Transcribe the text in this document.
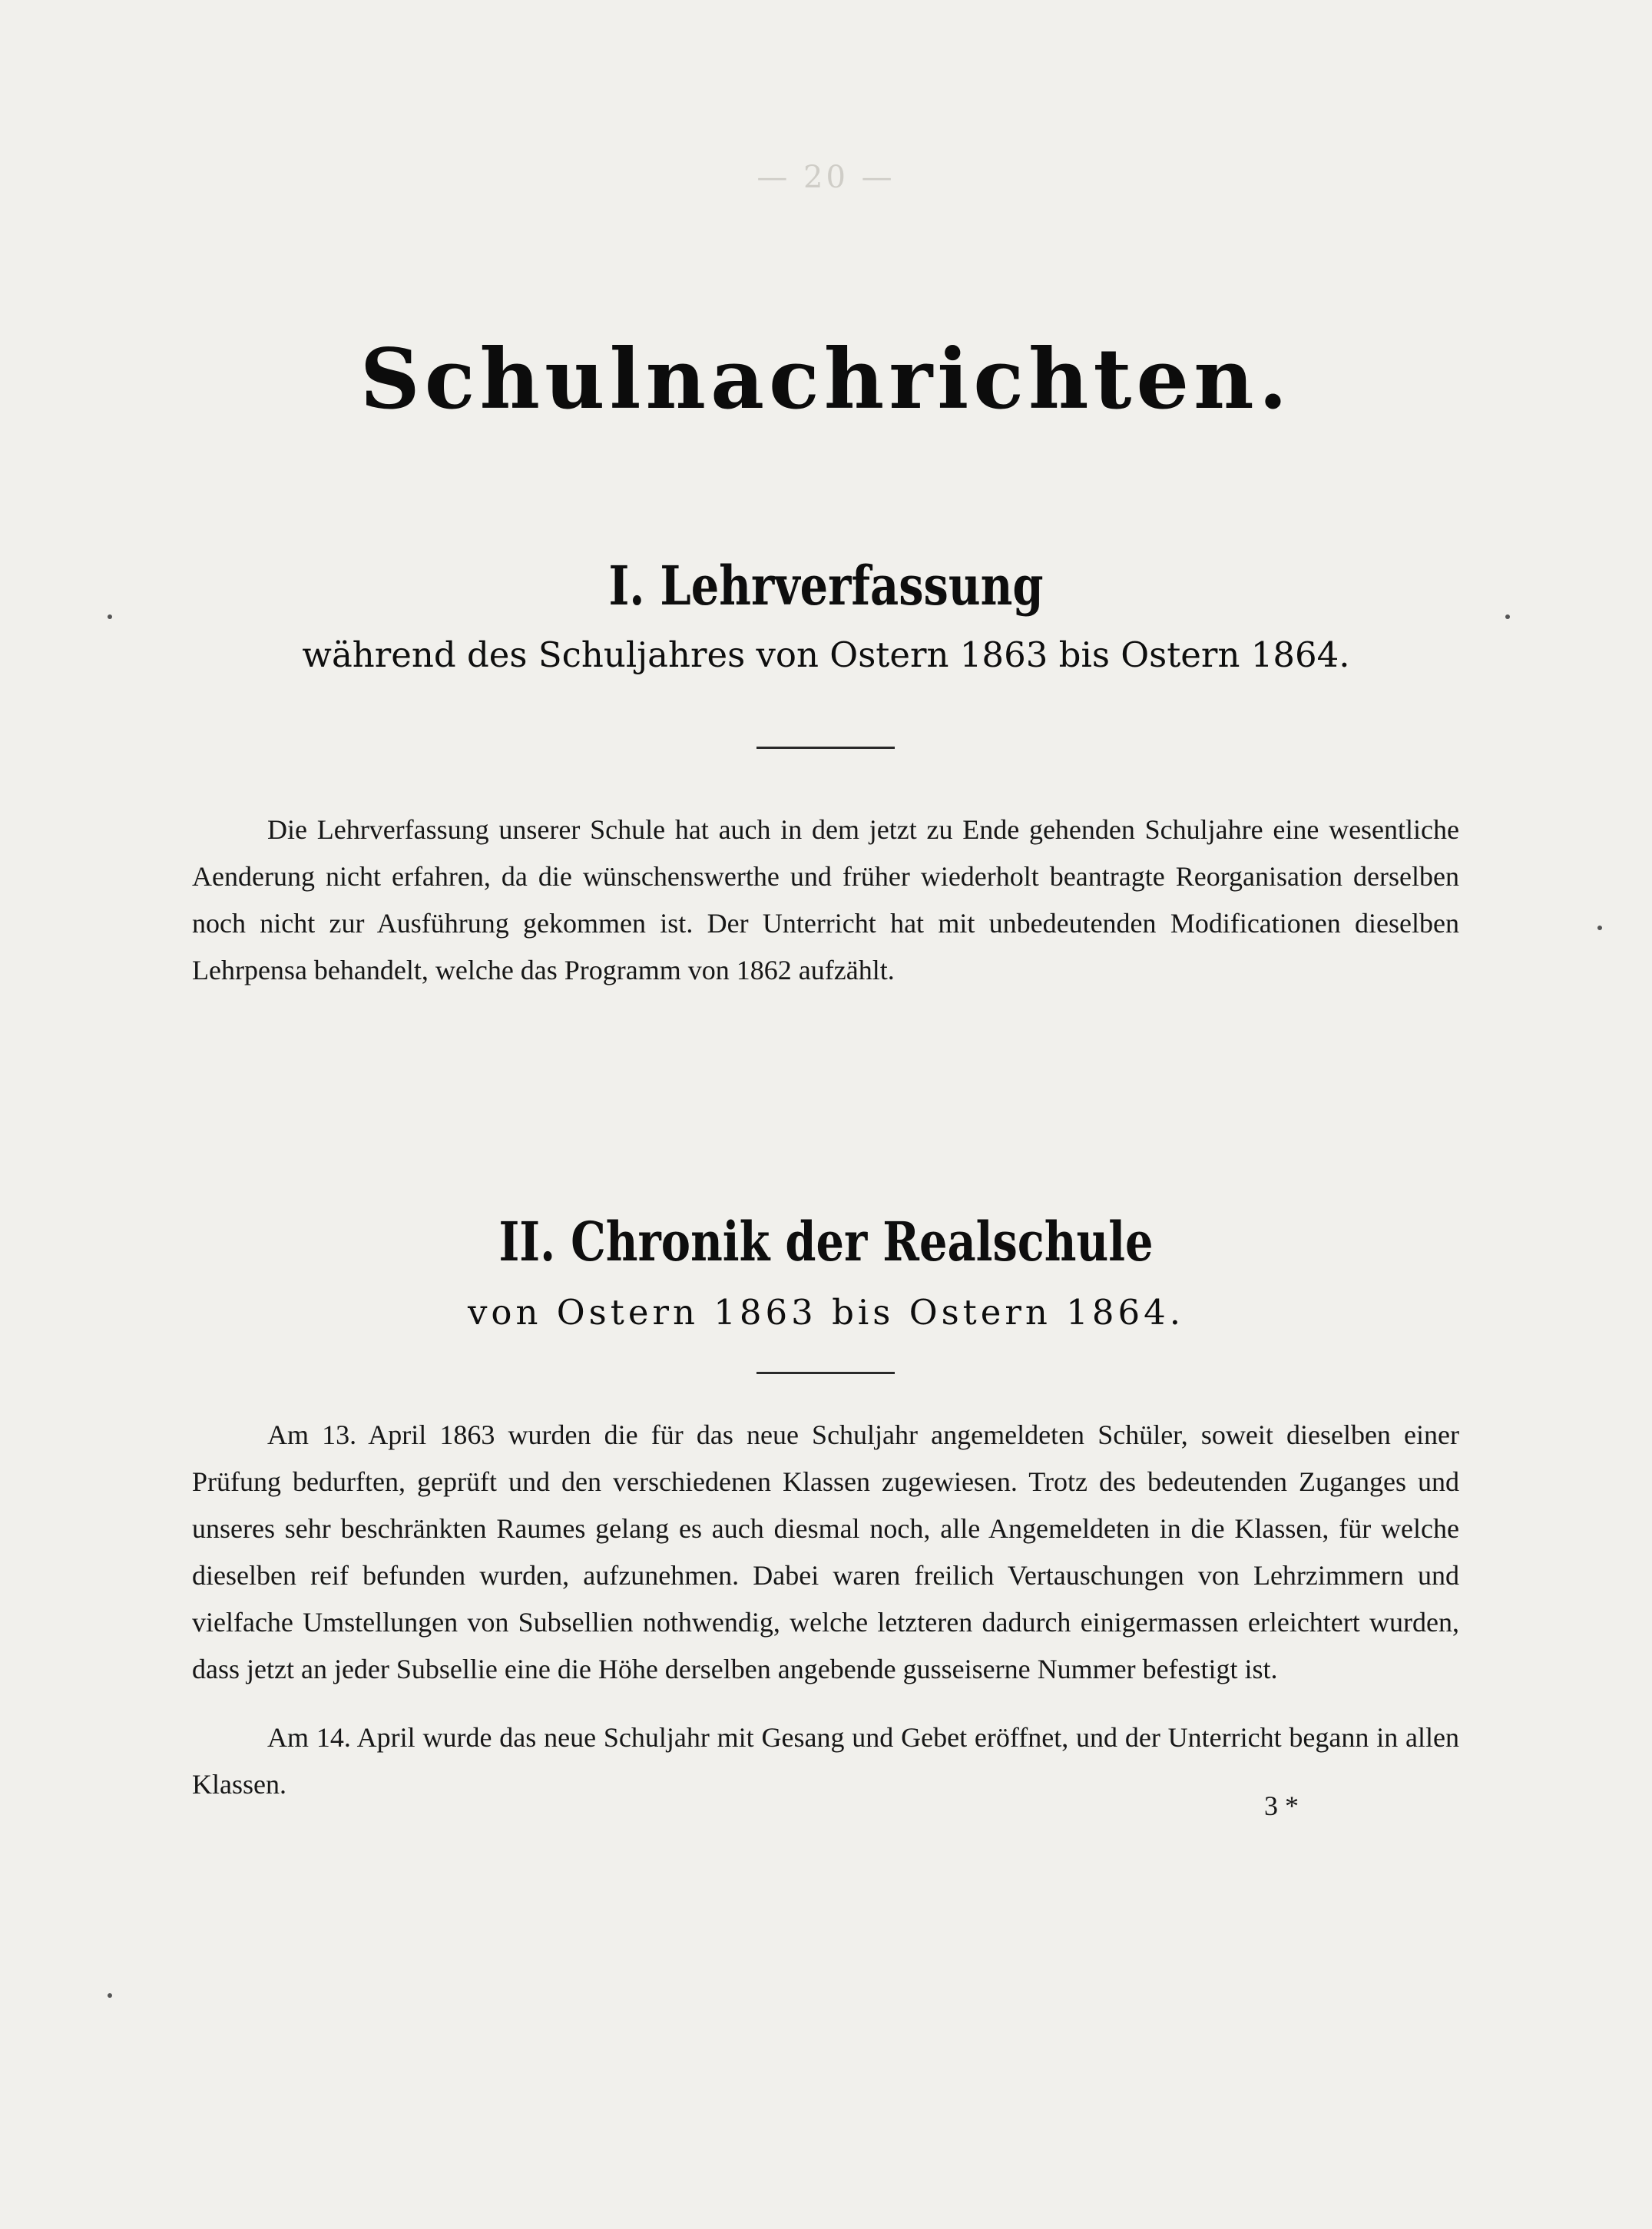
— 20 —
Schulnachrichten.
I. Lehrverfassung
während des Schuljahres von Ostern 1863 bis Ostern 1864.

Die Lehrverfassung unserer Schule hat auch in dem jetzt zu Ende gehenden Schuljahre eine wesentliche Aenderung nicht erfahren, da die wünschenswerthe und früher wiederholt beantragte Reorganisation derselben noch nicht zur Ausführung gekommen ist. Der Unterricht hat mit unbedeutenden Modificationen dieselben Lehrpensa behandelt, welche das Programm von 1862 aufzählt.

II. Chronik der Realschule
von Ostern 1863 bis Ostern 1864.

Am 13. April 1863 wurden die für das neue Schuljahr angemeldeten Schüler, soweit dieselben einer Prüfung bedurften, geprüft und den verschiedenen Klassen zugewiesen. Trotz des bedeutenden Zuganges und unseres sehr beschränkten Raumes gelang es auch diesmal noch, alle Angemeldeten in die Klassen, für welche dieselben reif befunden wurden, aufzunehmen. Dabei waren freilich Vertauschungen von Lehrzimmern und vielfache Umstellungen von Subsellien nothwendig, welche letzteren dadurch einigermassen erleichtert wurden, dass jetzt an jeder Subsellie eine die Höhe derselben angebende gusseiserne Nummer befestigt ist.

Am 14. April wurde das neue Schuljahr mit Gesang und Gebet eröffnet, und der Unterricht begann in allen Klassen.

3 *
